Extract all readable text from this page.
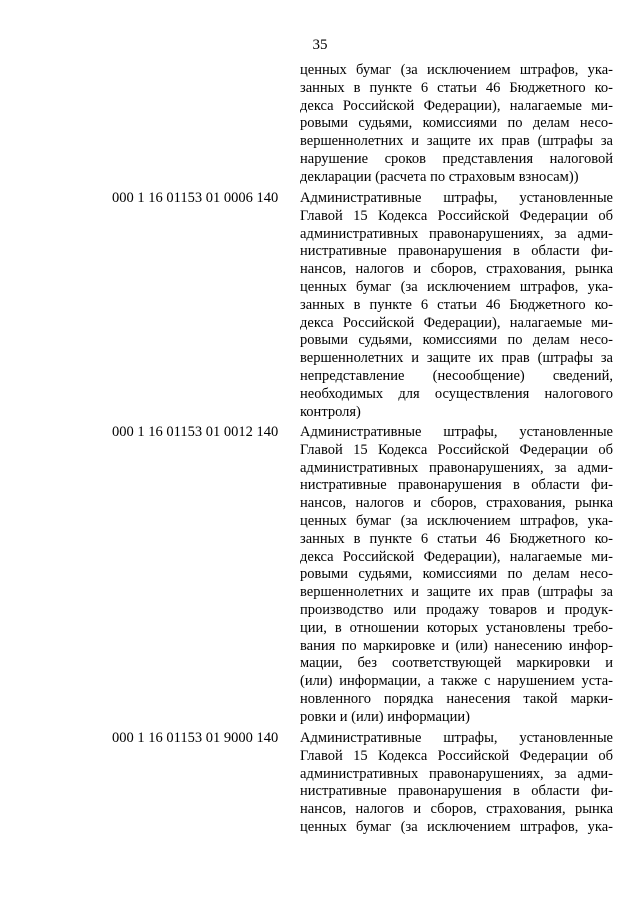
35
ценных бумаг (за исключением штрафов, ука-
занных в пункте 6 статьи 46 Бюджетного ко-
декса Российской Федерации), налагаемые ми-
ровыми судьями, комиссиями по делам несо-
вершеннолетних и защите их прав (штрафы за
нарушение сроков представления налоговой
декларации (расчета по страховым взносам))
000 1 16 01153 01 0006 140 Административные штрафы, установленные
Главой 15 Кодекса Российской Федерации об
административных правонарушениях, за адми-
нистративные правонарушения в области фи-
нансов, налогов и сборов, страхования, рынка
ценных бумаг (за исключением штрафов, ука-
занных в пункте 6 статьи 46 Бюджетного ко-
декса Российской Федерации), налагаемые ми-
ровыми судьями, комиссиями по делам несо-
вершеннолетних и защите их прав (штрафы за
непредставление (несообщение) сведений,
необходимых для осуществления налогового
контроля)
000 1 16 01153 01 0012 140 Административные штрафы, установленные
Главой 15 Кодекса Российской Федерации об
административных правонарушениях, за адми-
нистративные правонарушения в области фи-
нансов, налогов и сборов, страхования, рынка
ценных бумаг (за исключением штрафов, ука-
занных в пункте 6 статьи 46 Бюджетного ко-
декса Российской Федерации), налагаемые ми-
ровыми судьями, комиссиями по делам несо-
вершеннолетних и защите их прав (штрафы за
производство или продажу товаров и продук-
ции, в отношении которых установлены требо-
вания по маркировке и (или) нанесению инфор-
мации, без соответствующей маркировки и
(или) информации, а также с нарушением уста-
новленного порядка нанесения такой марки-
ровки и (или) информации)
000 1 16 01153 01 9000 140 Административные штрафы, установленные
Главой 15 Кодекса Российской Федерации об
административных правонарушениях, за адми-
нистративные правонарушения в области фи-
нансов, налогов и сборов, страхования, рынка
ценных бумаг (за исключением штрафов, ука-
